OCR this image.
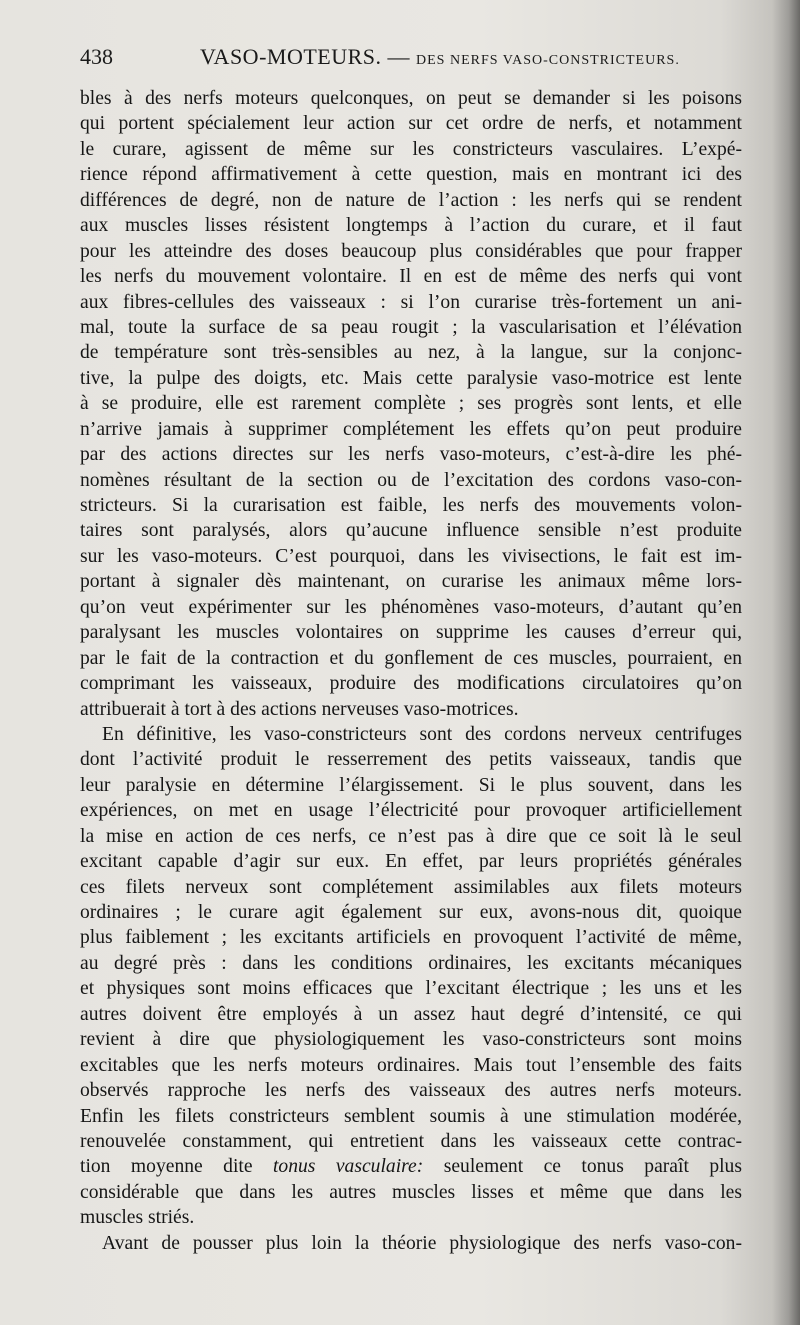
438	VASO-MOTEURS. — DES NERFS VASO-CONSTRICTEURS.
bles à des nerfs moteurs quelconques, on peut se demander si les poisons
qui portent spécialement leur action sur cet ordre de nerfs, et notamment
le curare, agissent de même sur les constricteurs vasculaires. L’expé-
rience répond affirmativement à cette question, mais en montrant ici des
différences de degré, non de nature de l’action : les nerfs qui se rendent
aux muscles lisses résistent longtemps à l’action du curare, et il faut
pour les atteindre des doses beaucoup plus considérables que pour frapper
les nerfs du mouvement volontaire. Il en est de même des nerfs qui vont
aux fibres-cellules des vaisseaux : si l’on curarise très-fortement un ani-
mal, toute la surface de sa peau rougit ; la vascularisation et l’élévation
de température sont très-sensibles au nez, à la langue, sur la conjonc-
tive, la pulpe des doigts, etc. Mais cette paralysie vaso-motrice est lente
à se produire, elle est rarement complète ; ses progrès sont lents, et elle
n’arrive jamais à supprimer complétement les effets qu’on peut produire
par des actions directes sur les nerfs vaso-moteurs, c’est-à-dire les phé-
nomènes résultant de la section ou de l’excitation des cordons vaso-con-
stricteurs. Si la curarisation est faible, les nerfs des mouvements volon-
taires sont paralysés, alors qu’aucune influence sensible n’est produite
sur les vaso-moteurs. C’est pourquoi, dans les vivisections, le fait est im-
portant à signaler dès maintenant, on curarise les animaux même lors-
qu’on veut expérimenter sur les phénomènes vaso-moteurs, d’autant qu’en
paralysant les muscles volontaires on supprime les causes d’erreur qui,
par le fait de la contraction et du gonflement de ces muscles, pourraient, en
comprimant les vaisseaux, produire des modifications circulatoires qu’on
attribuerait à tort à des actions nerveuses vaso-motrices.
En définitive, les vaso-constricteurs sont des cordons nerveux centrifuges
dont l’activité produit le resserrement des petits vaisseaux, tandis que
leur paralysie en détermine l’élargissement. Si le plus souvent, dans les
expériences, on met en usage l’électricité pour provoquer artificiellement
la mise en action de ces nerfs, ce n’est pas à dire que ce soit là le seul
excitant capable d’agir sur eux. En effet, par leurs propriétés générales
ces filets nerveux sont complétement assimilables aux filets moteurs
ordinaires ; le curare agit également sur eux, avons-nous dit, quoique
plus faiblement ; les excitants artificiels en provoquent l’activité de même,
au degré près : dans les conditions ordinaires, les excitants mécaniques
et physiques sont moins efficaces que l’excitant électrique ; les uns et les
autres doivent être employés à un assez haut degré d’intensité, ce qui
revient à dire que physiologiquement les vaso-constricteurs sont moins
excitables que les nerfs moteurs ordinaires. Mais tout l’ensemble des faits
observés rapproche les nerfs des vaisseaux des autres nerfs moteurs.
Enfin les filets constricteurs semblent soumis à une stimulation modérée,
renouvelée constamment, qui entretient dans les vaisseaux cette contrac-
tion moyenne dite tonus vasculaire: seulement ce tonus paraît plus
considérable que dans les autres muscles lisses et même que dans les
muscles striés.
Avant de pousser plus loin la théorie physiologique des nerfs vaso-con-
